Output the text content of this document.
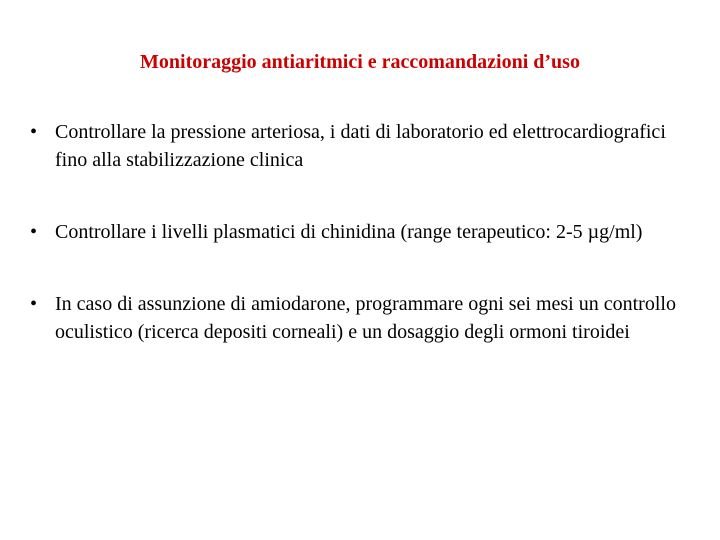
Monitoraggio antiaritmici e raccomandazioni d’uso
• Controllare la pressione arteriosa, i dati di laboratorio ed elettrocardiografici fino alla stabilizzazione clinica
• Controllare i livelli plasmatici di chinidina (range terapeutico: 2-5 µg/ml)
• In caso di assunzione di amiodarone, programmare ogni sei mesi un controllo oculistico (ricerca depositi corneali) e un dosaggio degli ormoni tiroidei
